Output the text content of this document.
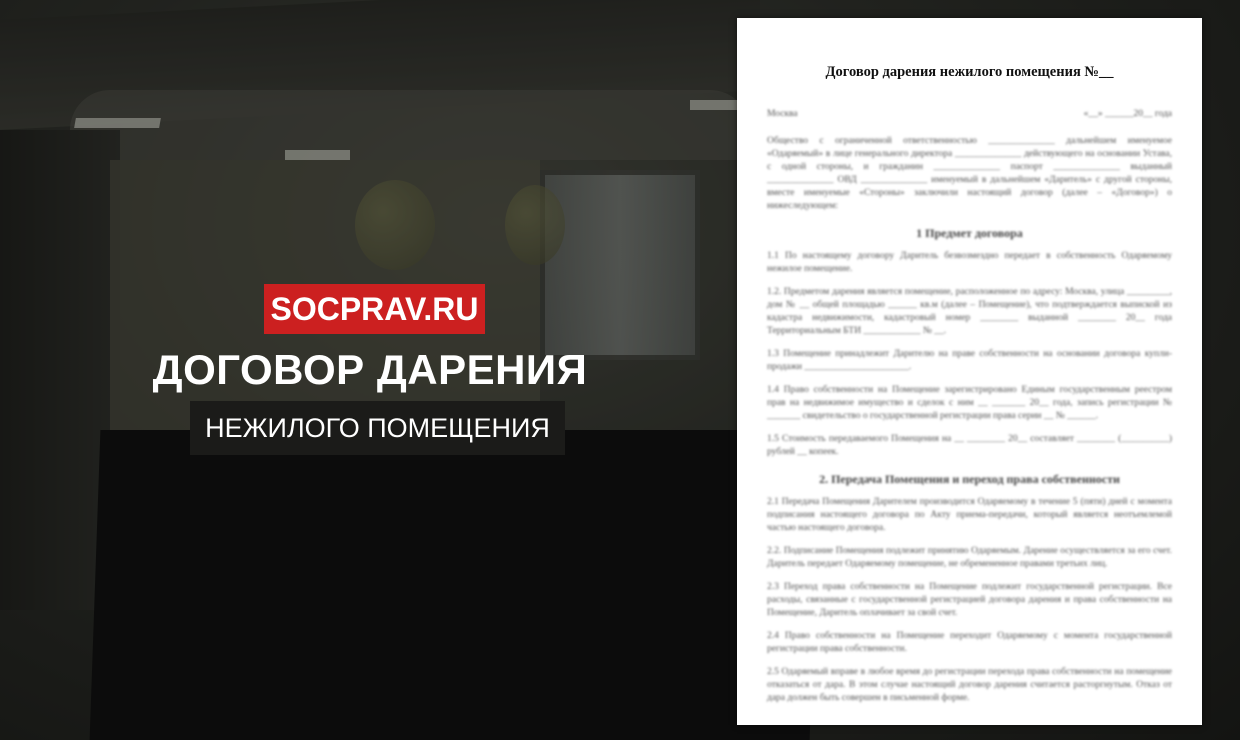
SOCPRAV.RU
ДОГОВОР ДАРЕНИЯ
НЕЖИЛОГО ПОМЕЩЕНИЯ
Договор дарения нежилого помещения №__
Москва	«__» ______20__ года
Общество с ограниченной ответственностью ______________ дальнейшем именуемое «Одаряемый» в лице генерального директора ______________ действующего на основании Устава, с одной стороны, и гражданин ______________ паспорт ______________ выданный ______________ ОВД ______________ именуемый в дальнейшем «Даритель» с другой стороны, вместе именуемые «Стороны» заключили настоящий договор (далее – «Договор») о нижеследующем:
1 Предмет договора
1.1 По настоящему договору Даритель безвозмездно передает в собственность Одаряемому нежилое помещение.
1.2. Предметом дарения является помещение, расположенное по адресу: Москва, улица _________, дом № __ общей площадью ______ кв.м (далее – Помещение), что подтверждается выпиской из кадастра недвижимости, кадастровый номер ________ выданной ________ 20__ года Территориальным БТИ ____________ № __.
1.3 Помещение принадлежит Дарителю на праве собственности на основании договора купли-продажи ______________________.
1.4 Право собственности на Помещение зарегистрировано Единым государственным реестром прав на недвижимое имущество и сделок с ним __ _______ 20__ года, запись регистрации № _______ свидетельство о государственной регистрации права серии __ № ______.
1.5 Стоимость передаваемого Помещения на __ ________ 20__ составляет ________ (__________) рублей __ копеек.
2. Передача Помещения и переход права собственности
2.1 Передача Помещения Дарителем производится Одаряемому в течение 5 (пяти) дней с момента подписания настоящего договора по Акту приема-передачи, который является неотъемлемой частью настоящего договора.
2.2. Подписание Помещения подлежит принятию Одаряемым. Дарение осуществляется за его счет. Даритель передает Одаряемому помещение, не обремененное правами третьих лиц.
2.3 Переход права собственности на Помещение подлежит государственной регистрации. Все расходы, связанные с государственной регистрацией договора дарения и права собственности на Помещение, Даритель оплачивает за свой счет.
2.4 Право собственности на Помещение переходит Одаряемому с момента государственной регистрации права собственности.
2.5 Одаряемый вправе в любое время до регистрации перехода права собственности на помещение отказаться от дара. В этом случае настоящий договор дарения считается расторгнутым. Отказ от дара должен быть совершен в письменной форме.
